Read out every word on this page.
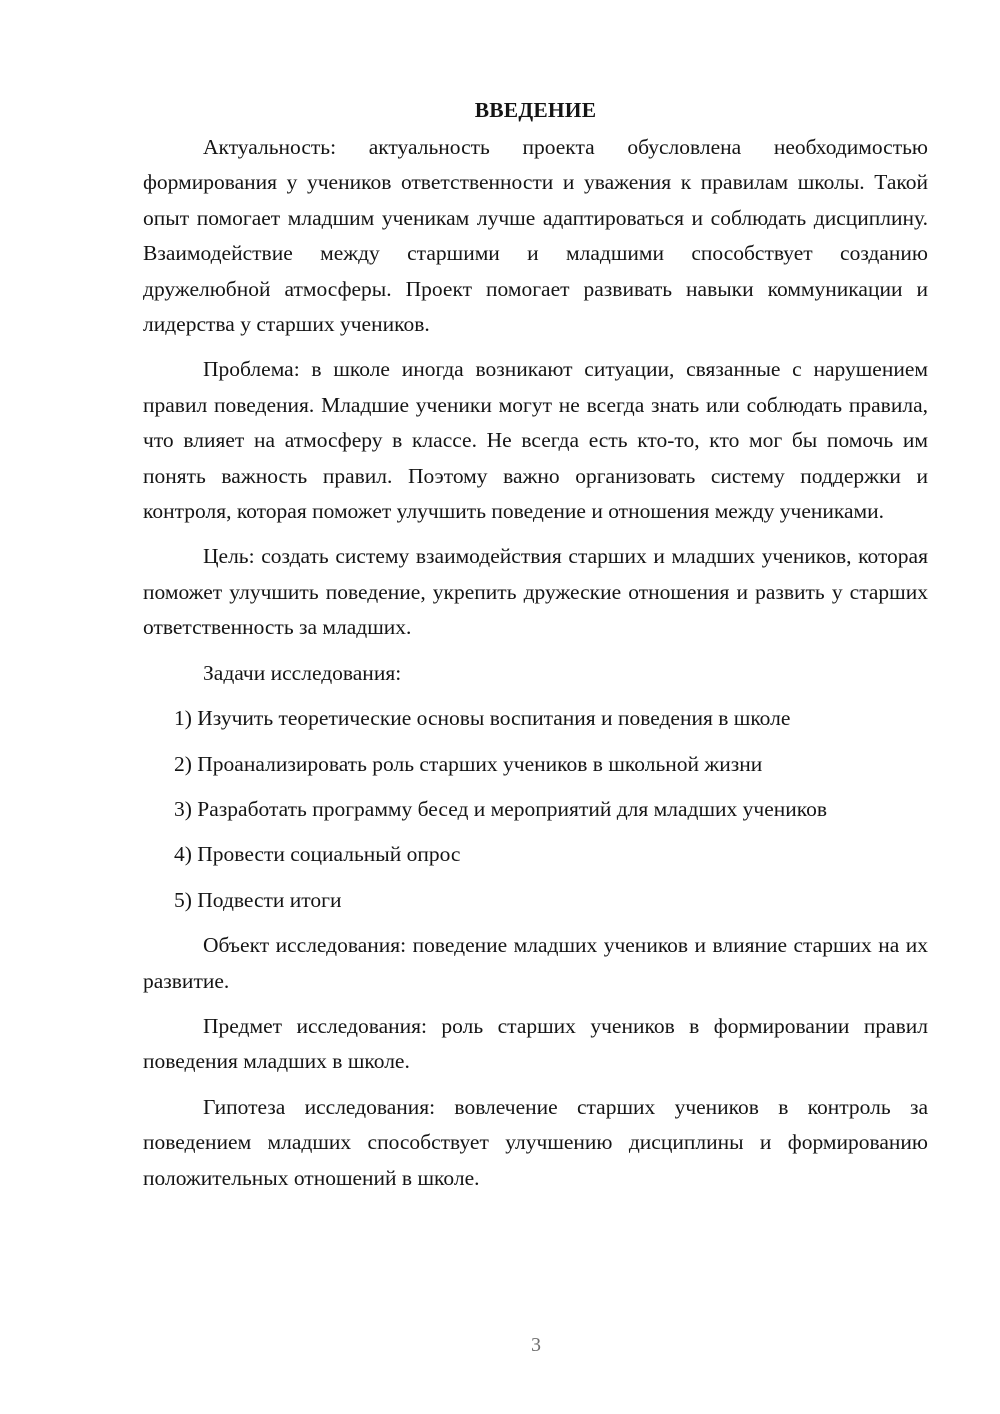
ВВЕДЕНИЕ

Актуальность: актуальность проекта обусловлена необходимостью формирования у учеников ответственности и уважения к правилам школы. Такой опыт помогает младшим ученикам лучше адаптироваться и соблюдать дисциплину. Взаимодействие между старшими и младшими способствует созданию дружелюбной атмосферы. Проект помогает развивать навыки коммуникации и лидерства у старших учеников.

Проблема: в школе иногда возникают ситуации, связанные с нарушением правил поведения. Младшие ученики могут не всегда знать или соблюдать правила, что влияет на атмосферу в классе. Не всегда есть кто-то, кто мог бы помочь им понять важность правил. Поэтому важно организовать систему поддержки и контроля, которая поможет улучшить поведение и отношения между учениками.

Цель: создать систему взаимодействия старших и младших учеников, которая поможет улучшить поведение, укрепить дружеские отношения и развить у старших ответственность за младших.

Задачи исследования:

1) Изучить теоретические основы воспитания и поведения в школе

2) Проанализировать роль старших учеников в школьной жизни

3) Разработать программу бесед и мероприятий для младших учеников

4) Провести социальный опрос

5) Подвести итоги

Объект исследования: поведение младших учеников и влияние старших на их развитие.

Предмет исследования: роль старших учеников в формировании правил поведения младших в школе.

Гипотеза исследования: вовлечение старших учеников в контроль за поведением младших способствует улучшению дисциплины и формированию положительных отношений в школе.

3
